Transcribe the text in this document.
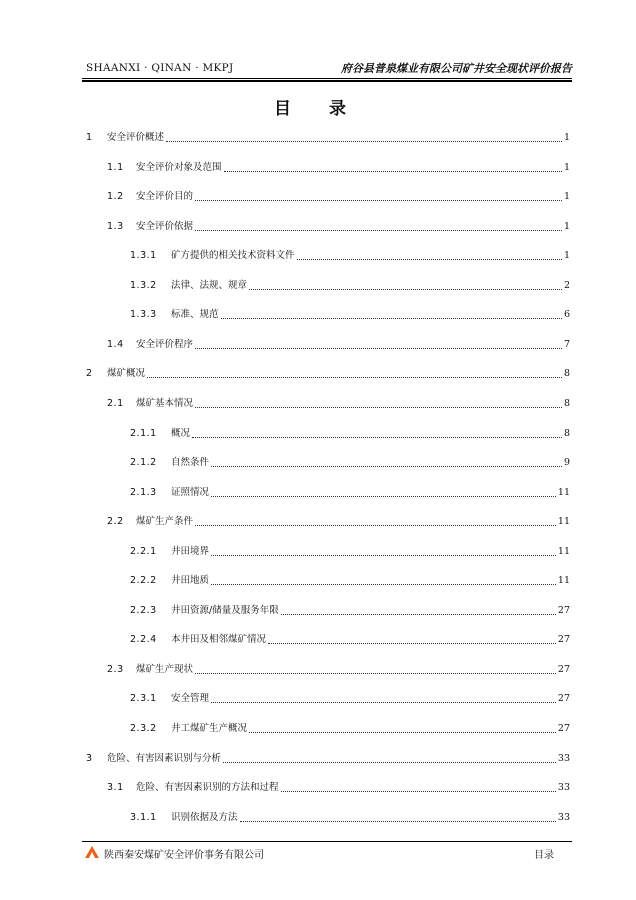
SHAANXI · QINAN · MKPJ	府谷县普泉煤业有限公司矿井安全现状评价报告
目 录
1	安全评价概述	1
1.1	安全评价对象及范围	1
1.2	安全评价目的	1
1.3	安全评价依据	1
1.3.1	矿方提供的相关技术资料文件	1
1.3.2	法律、法规、规章	2
1.3.3	标准、规范	6
1.4	安全评价程序	7
2	煤矿概况	8
2.1	煤矿基本情况	8
2.1.1	概况	8
2.1.2	自然条件	9
2.1.3	证照情况	11
2.2	煤矿生产条件	11
2.2.1	井田境界	11
2.2.2	井田地质	11
2.2.3	井田资源/储量及服务年限	27
2.2.4	本井田及相邻煤矿情况	27
2.3	煤矿生产现状	27
2.3.1	安全管理	27
2.3.2	井工煤矿生产概况	27
3	危险、有害因素识别与分析	33
3.1	危险、有害因素识别的方法和过程	33
3.1.1	识别依据及方法	33
陕西秦安煤矿安全评价事务有限公司	目录
